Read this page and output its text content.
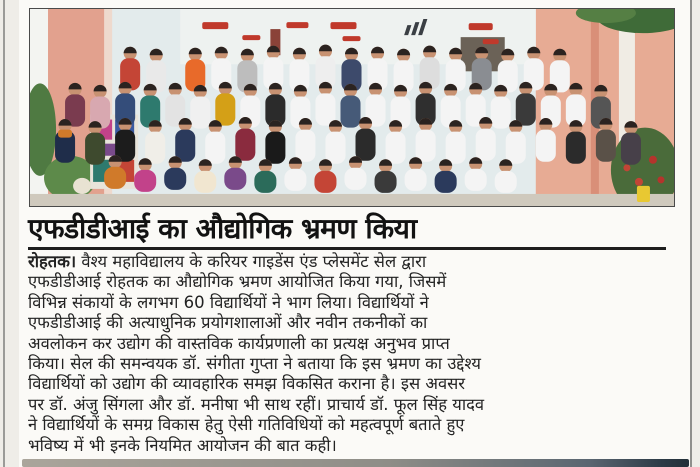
एफडीडीआई का औद्योगिक भ्रमण किया
रोहतक। वैश्य महाविद्यालय के करियर गाइडेंस एंड प्लेसमेंट सेल द्वारा
एफडीडीआई रोहतक का औद्योगिक भ्रमण आयोजित किया गया, जिसमें
विभिन्न संकायों के लगभग 60 विद्यार्थियों ने भाग लिया। विद्यार्थियों ने
एफडीडीआई की अत्याधुनिक प्रयोगशालाओं और नवीन तकनीकों का
अवलोकन कर उद्योग की वास्तविक कार्यप्रणाली का प्रत्यक्ष अनुभव प्राप्त
किया। सेल की समन्वयक डॉ. संगीता गुप्ता ने बताया कि इस भ्रमण का उद्देश्य
विद्यार्थियों को उद्योग की व्यावहारिक समझ विकसित कराना है। इस अवसर
पर डॉ. अंजु सिंगला और डॉ. मनीषा भी साथ रहीं। प्राचार्य डॉ. फूल सिंह यादव
ने विद्यार्थियों के समग्र विकास हेतु ऐसी गतिविधियों को महत्वपूर्ण बताते हुए
भविष्य में भी इनके नियमित आयोजन की बात कही।
